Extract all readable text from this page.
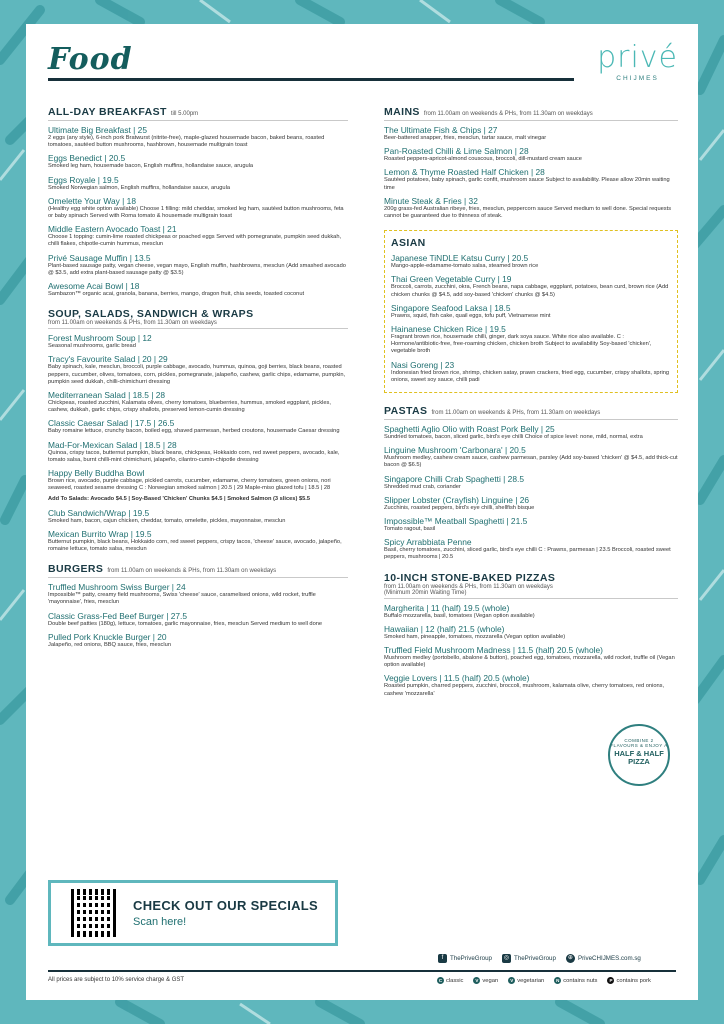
Food	privé
CHIJMES
ALL-DAY BREAKFAST till 5.00pm
Ultimate Big Breakfast | 25
2 eggs (any style), 6-inch pork Bratwurst (nitrite-free), maple-glazed housemade bacon, baked beans, roasted tomatoes, sautéed button mushrooms, hashbrown, housemade multigrain toast
Eggs Benedict | 20.5
Smoked leg ham, housemade bacon, English muffins, hollandaise sauce, arugula
Eggs Royale | 19.5
Smoked Norwegian salmon, English muffins, hollandaise sauce, arugula
Omelette Your Way | 18
(Healthy egg white option available) Choose 1 filling: mild cheddar, smoked leg ham, sautéed button mushrooms, feta or baby spinach Served with Roma tomato & housemade multigrain toast
Middle Eastern Avocado Toast | 21
Choose 1 topping: cumin-lime roasted chickpeas or poached eggs Served with pomegranate, pumpkin seed dukkah, chilli flakes, chipotle-cumin hummus, mesclun
Privé Sausage Muffin | 13.5
Plant-based sausage patty, vegan cheese, vegan mayo, English muffin, hashbrowns, mesclun (Add smashed avocado @ $3.5, add extra plant-based sausage patty @ $3.5)
Awesome Acai Bowl | 18
Sambazon™ organic acai, granola, banana, berries, mango, dragon fruit, chia seeds, toasted coconut
SOUP, SALADS, SANDWICH & WRAPS
from 11.00am on weekends & PHs, from 11.30am on weekdays
Forest Mushroom Soup | 12
Seasonal mushrooms, garlic bread
Tracy's Favourite Salad | 20 | 29
Baby spinach, kale, mesclun, broccoli, purple cabbage, avocado, hummus, quinoa, goji berries, black beans, roasted peppers, cucumber, olives, tomatoes, corn, pickles, pomegranate, jalapeño, cashew, garlic chips, edamame, pumpkin, pumpkin seed dukkah, chilli-chimichurri dressing
Mediterranean Salad | 18.5 | 28
Chickpeas, roasted zucchini, Kalamata olives, cherry tomatoes, blueberries, hummus, smoked eggplant, pickles, cashew, dukkah, garlic chips, crispy shallots, preserved lemon-cumin dressing
Classic Caesar Salad | 17.5 | 26.5
Baby romaine lettuce, crunchy bacon, boiled egg, shaved parmesan, herbed croutons, housemade Caesar dressing
Mad-For-Mexican Salad | 18.5 | 28
Quinoa, crispy tacos, butternut pumpkin, black beans, chickpeas, Hokkaido corn, red sweet peppers, avocado, kale, tomato salsa, burnt chilli-mint chimichurri, jalapeño, cilantro-cumin-chipotle dressing
Happy Belly Buddha Bowl
Brown rice, avocado, purple cabbage, pickled carrots, cucumber, edamame, cherry tomatoes, green onions, nori seaweed, roasted sesame dressing C : Norwegian smoked salmon | 20.5 | 29 Maple-miso glazed tofu | 18.5 | 28
Add To Salads: Avocado $4.5 | Soy-Based 'Chicken' Chunks $4.5 | Smoked Salmon (3 slices) $5.5
Club Sandwich/Wrap | 19.5
Smoked ham, bacon, cajun chicken, cheddar, tomato, omelette, pickles, mayonnaise, mesclun
Mexican Burrito Wrap | 19.5
Butternut pumpkin, black beans, Hokkaido corn, red sweet peppers, crispy tacos, 'cheese' sauce, avocado, jalapeño, romaine lettuce, tomato salsa, mesclun
BURGERS from 11.00am on weekends & PHs, from 11.30am on weekdays
Truffled Mushroom Swiss Burger | 24
Impossible™ patty, creamy field mushrooms, Swiss 'cheese' sauce, caramelised onions, wild rocket, truffle 'mayonnaise', fries, mesclun
Classic Grass-Fed Beef Burger | 27.5
Double beef patties (180g), lettuce, tomatoes, garlic mayonnaise, fries, mesclun Served medium to well done
Pulled Pork Knuckle Burger | 20
Jalapeño, red onions, BBQ sauce, fries, mesclun
CHECK OUT OUR SPECIALS
Scan here!
MAINS from 11.00am on weekends & PHs, from 11.30am on weekdays
The Ultimate Fish & Chips | 27
Beer-battered snapper, fries, mesclun, tartar sauce, malt vinegar
Pan-Roasted Chilli & Lime Salmon | 28
Roasted peppers-apricot-almond couscous, broccoli, dill-mustard cream sauce
Lemon & Thyme Roasted Half Chicken | 28
Sautéed potatoes, baby spinach, garlic confit, mushroom sauce Subject to availability. Please allow 20min waiting time
Minute Steak & Fries | 32
200g grass-fed Australian ribeye, fries, mesclun, peppercorn sauce Served medium to well done. Special requests cannot be guaranteed due to thinness of steak.
ASIAN
Japanese TiNDLE Katsu Curry | 20.5
Mango-apple-edamame-tomato salsa, steamed brown rice
Thai Green Vegetable Curry | 19
Broccoli, carrots, zucchini, okra, French beans, napa cabbage, eggplant, potatoes, bean curd, brown rice (Add chicken chunks @ $4.5, add soy-based 'chicken' chunks @ $4.5)
Singapore Seafood Laksa | 18.5
Prawns, squid, fish cake, quail eggs, tofu puff, Vietnamese mint
Hainanese Chicken Rice | 19.5
Fragrant brown rice, housemade chilli, ginger, dark soya sauce. White rice also available. C : Hormone/antibiotic-free, free-roaming chicken, chicken broth Subject to availability Soy-based 'chicken', vegetable broth
Nasi Goreng | 23
Indonesian fried brown rice, shrimp, chicken satay, prawn crackers, fried egg, cucumber, crispy shallots, spring onions, sweet soy sauce, chilli padi
PASTAS from 11.00am on weekends & PHs, from 11.30am on weekdays
Spaghetti Aglio Olio with Roast Pork Belly | 25
Sundried tomatoes, bacon, sliced garlic, bird's eye chilli Choice of spice level: none, mild, normal, extra
Linguine Mushroom 'Carbonara' | 20.5
Mushroom medley, cashew cream sauce, cashew parmesan, parsley (Add soy-based 'chicken' @ $4.5, add thick-cut bacon @ $6.5)
Singapore Chilli Crab Spaghetti | 28.5
Shredded mud crab, coriander
Slipper Lobster (Crayfish) Linguine | 26
Zucchinis, roasted peppers, bird's eye chilli, shellfish bisque
Impossible™ Meatball Spaghetti | 21.5
Tomato ragout, basil
Spicy Arrabbiata Penne
Basil, cherry tomatoes, zucchini, sliced garlic, bird's eye chilli C : Prawns, parmesan | 23.5 Broccoli, roasted sweet peppers, mushrooms | 20.5
10-INCH STONE-BAKED PIZZAS
from 11.00am on weekends & PHs, from 11.30am on weekdays
(Minimum 20min Waiting Time)
Margherita | 11 (half) 19.5 (whole)
Buffalo mozzarella, basil, tomatoes (Vegan option available)
Hawaiian | 12 (half) 21.5 (whole)
Smoked ham, pineapple, tomatoes, mozzarella (Vegan option available)
Truffled Field Mushroom Madness | 11.5 (half) 20.5 (whole)
Mushroom medley (portobello, abalone & button), poached egg, tomatoes, mozzarella, wild rocket, truffle oil (Vegan option available)
Veggie Lovers | 11.5 (half) 20.5 (whole)
Roasted pumpkin, charred peppers, zucchini, broccoli, mushroom, kalamata olive, cherry tomatoes, red onions, cashew 'mozzarella'
COMBINE 2 FLAVOURS & ENJOY A
HALF & HALF PIZZA
f	ThePriveGroup	◎ ThePriveGroup	⊕ PriveCHIJMES.com.sg
All prices are subject to 10% service charge & GST	C classic	V vegan	V vegetarian	N contains nuts	P contains pork
